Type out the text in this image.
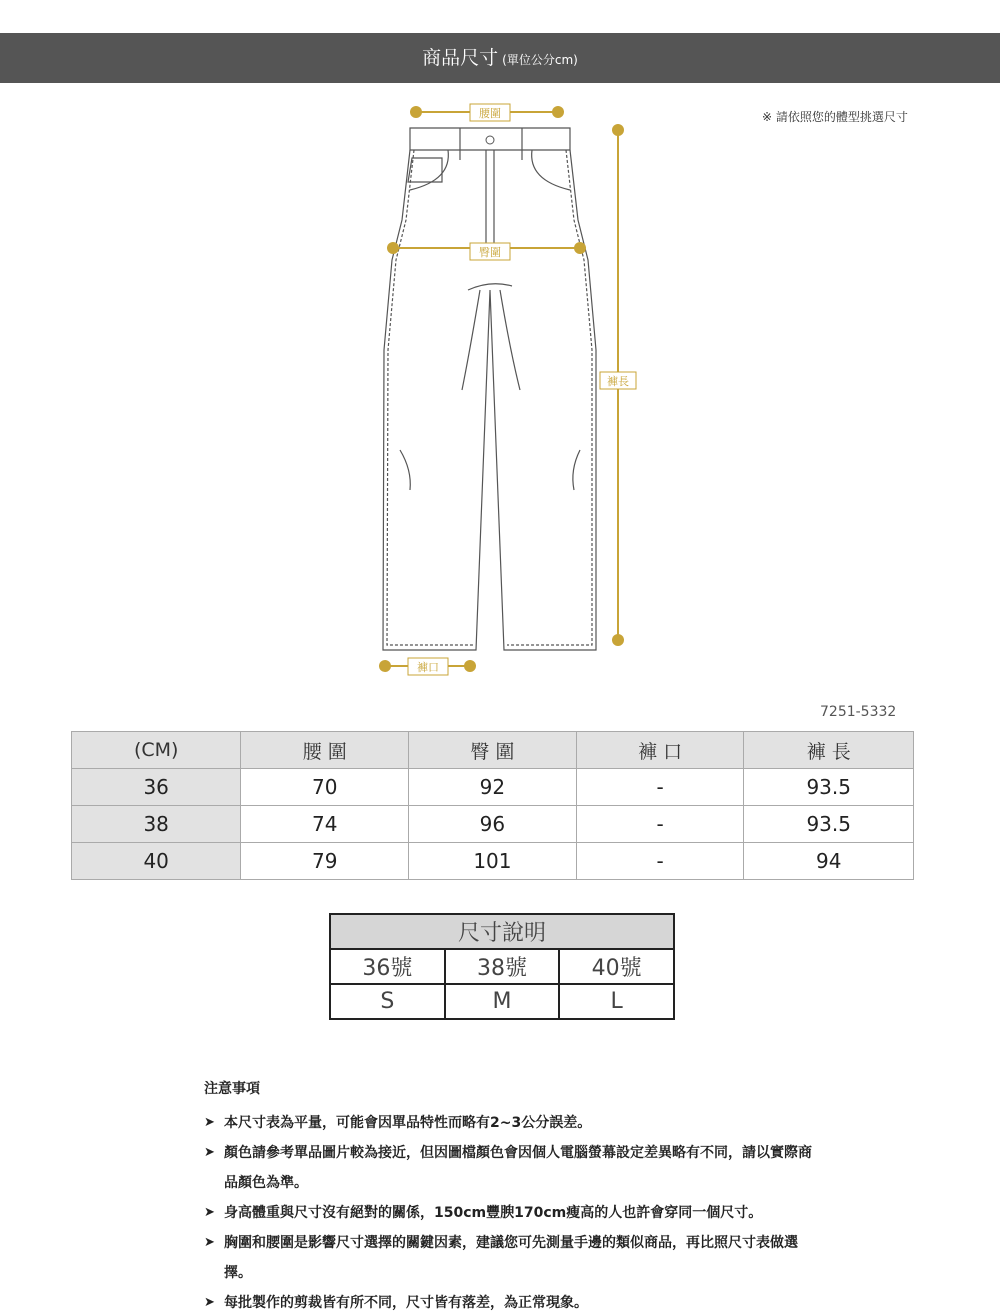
商品尺寸 (單位公分cm)
※ 請依照您的體型挑選尺寸
腰圍
臀圍
褲長
褲口
7251-5332
(CM)	腰 圍	臀 圍	褲 口	褲 長
36	70	92	-	93.5
38	74	96	-	93.5
40	79	101	-	94
尺寸說明		
36號	38號	40號
S	M	L
注意事項
➤ 本尺寸表為平量，可能會因單品特性而略有2~3公分誤差。
➤ 顏色請參考單品圖片較為接近，但因圖檔顏色會因個人電腦螢幕設定差異略有不同，請以實際商品顏色為準。
➤ 身高體重與尺寸沒有絕對的關係，150cm豐腴170cm瘦高的人也許會穿同一個尺寸。
➤ 胸圍和腰圍是影響尺寸選擇的關鍵因素，建議您可先測量手邊的類似商品，再比照尺寸表做選擇。
➤ 每批製作的剪裁皆有所不同，尺寸皆有落差，為正常現象。
